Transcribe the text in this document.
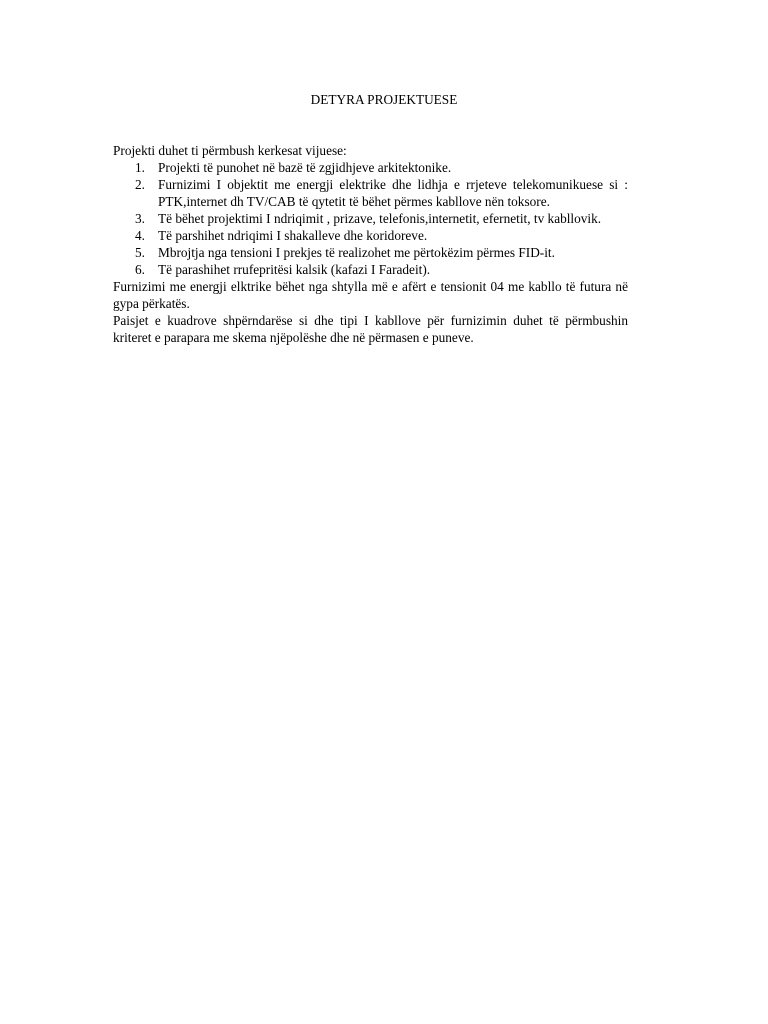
DETYRA PROJEKTUESE

Projekti duhet ti përmbush kerkesat vijuese:

1. Projekti të punohet në bazë të zgjidhjeve arkitektonike.
2. Furnizimi I objektit me energji elektrike dhe lidhja e rrjeteve telekomunikuese si : PTK,internet dh TV/CAB të qytetit të bëhet përmes kabllove nën toksore.
3. Të bëhet projektimi I ndriqimit , prizave, telefonis,internetit, efernetit, tv kabllovik.
4. Të parshihet ndriqimi I shakalleve dhe koridoreve.
5. Mbrojtja nga tensioni I prekjes të realizohet me përtokëzim përmes FID-it.
6. Të parashihet rrufepritësi kalsik (kafazi I Faradeit).

Furnizimi me energji elktrike bëhet nga shtylla më e afërt e tensionit 04 me kabllo të futura në gypa përkatës.

Paisjet e kuadrove shpërndarëse si dhe tipi I kabllove për furnizimin duhet të përmbushin kriteret e parapara me skema njëpolëshe dhe në përmasen e puneve.
